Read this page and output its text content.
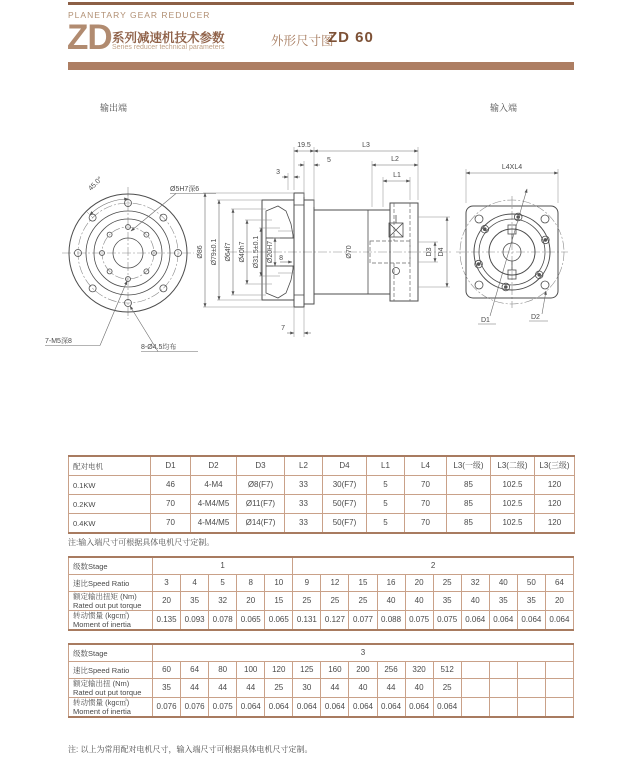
PLANETARY GEAR REDUCER
ZD 系列减速机技术参数
Series reducer technical parameters	外形尺寸图
ZD 60
输出端	输入端
45.0°	Ø5H7深6
7-M5深8
8-Ø4.5均布
Ø70
Ø86 Ø79±0.1 Ø64f7 Ø40h7 Ø31.5±0.1 Ø20H7 8
19.5	L3
5	L2
3	L1
7
D3 D4
L4XL4
D1	D2
配对电机	D1	D2	D3	L2	D4	L1	L4	L3(一级)	L3(二级)	L3(三级)
0.1KW	46	4-M4	Ø8(F7)	33	30(F7)	5	70	85	102.5	120
0.2KW	70	4-M4/M5	Ø11(F7)	33	50(F7)	5	70	85	102.5	120
0.4KW	70	4-M4/M5	Ø14(F7)	33	50(F7)	5	70	85	102.5	120
注:输入端尺寸可根据具体电机尺寸定制。
级数Stage	1					2									
速比Speed Ratio	3	4	5	8	10	9	12	15	16	20	25	32	40	50	64

额定输出扭矩 (Nm)
Rated out put torque	20	35	32	20	15	25	25	25	40	40	35	40	35	35	20

转动惯量 (kgc㎡)
Moment of inertia	0.135	0.093	0.078	0.065	0.065	0.131	0.127	0.077	0.088	0.075	0.075	0.064	0.064	0.064	0.064
级数Stage	3														
速比Speed Ratio	60	64	80	100	120	125	160	200	256	320	512				

额定输出扭 (Nm)
Rated out put torque	35	44	44	44	25	30	44	40	44	40	25				

转动惯量 (kgc㎡)
Moment of inertia	0.076	0.076	0.075	0.064	0.064	0.064	0.064	0.064	0.064	0.064	0.064				
注: 以上为常用配对电机尺寸，输入端尺寸可根据具体电机尺寸定制。
